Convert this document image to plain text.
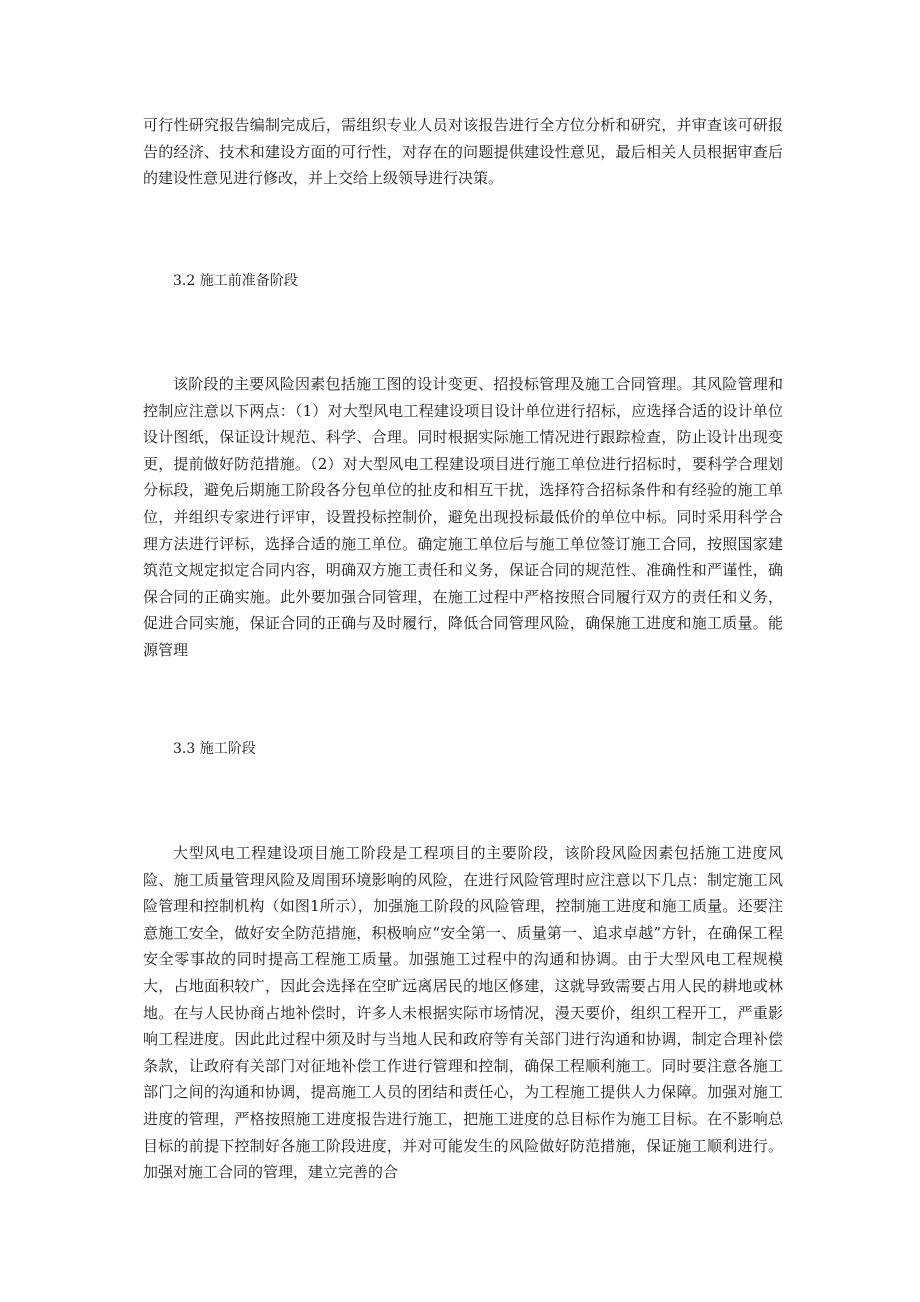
可行性研究报告编制完成后，需组织专业人员对该报告进行全方位分析和研究，并审查该可研报告的经济、技术和建设方面的可行性，对存在的问题提供建设性意见，最后相关人员根据审查后的建设性意见进行修改，并上交给上级领导进行决策。

3.2 施工前准备阶段

该阶段的主要风险因素包括施工图的设计变更、招投标管理及施工合同管理。其风险管理和控制应注意以下两点：（1）对大型风电工程建设项目设计单位进行招标，应选择合适的设计单位设计图纸，保证设计规范、科学、合理。同时根据实际施工情况进行跟踪检查，防止设计出现变更，提前做好防范措施。（2）对大型风电工程建设项目进行施工单位进行招标时，要科学合理划分标段，避免后期施工阶段各分包单位的扯皮和相互干扰，选择符合招标条件和有经验的施工单位，并组织专家进行评审，设置投标控制价，避免出现投标最低价的单位中标。同时采用科学合理方法进行评标，选择合适的施工单位。确定施工单位后与施工单位签订施工合同，按照国家建筑范文规定拟定合同内容，明确双方施工责任和义务，保证合同的规范性、准确性和严谨性，确保合同的正确实施。此外要加强合同管理，在施工过程中严格按照合同履行双方的责任和义务，促进合同实施，保证合同的正确与及时履行，降低合同管理风险，确保施工进度和施工质量。能源管理

3.3 施工阶段

大型风电工程建设项目施工阶段是工程项目的主要阶段，该阶段风险因素包括施工进度风险、施工质量管理风险及周围环境影响的风险，在进行风险管理时应注意以下几点：制定施工风险管理和控制机构（如图1所示），加强施工阶段的风险管理，控制施工进度和施工质量。还要注意施工安全，做好安全防范措施，积极响应“安全第一、质量第一、追求卓越”方针，在确保工程安全零事故的同时提高工程施工质量。加强施工过程中的沟通和协调。由于大型风电工程规模大，占地面积较广，因此会选择在空旷远离居民的地区修建，这就导致需要占用人民的耕地或林地。在与人民协商占地补偿时，许多人未根据实际市场情况，漫天要价，组织工程开工，严重影响工程进度。因此此过程中须及时与当地人民和政府等有关部门进行沟通和协调，制定合理补偿条款，让政府有关部门对征地补偿工作进行管理和控制，确保工程顺利施工。同时要注意各施工部门之间的沟通和协调，提高施工人员的团结和责任心，为工程施工提供人力保障。加强对施工进度的管理，严格按照施工进度报告进行施工，把施工进度的总目标作为施工目标。在不影响总目标的前提下控制好各施工阶段进度，并对可能发生的风险做好防范措施，保证施工顺利进行。加强对施工合同的管理，建立完善的合
